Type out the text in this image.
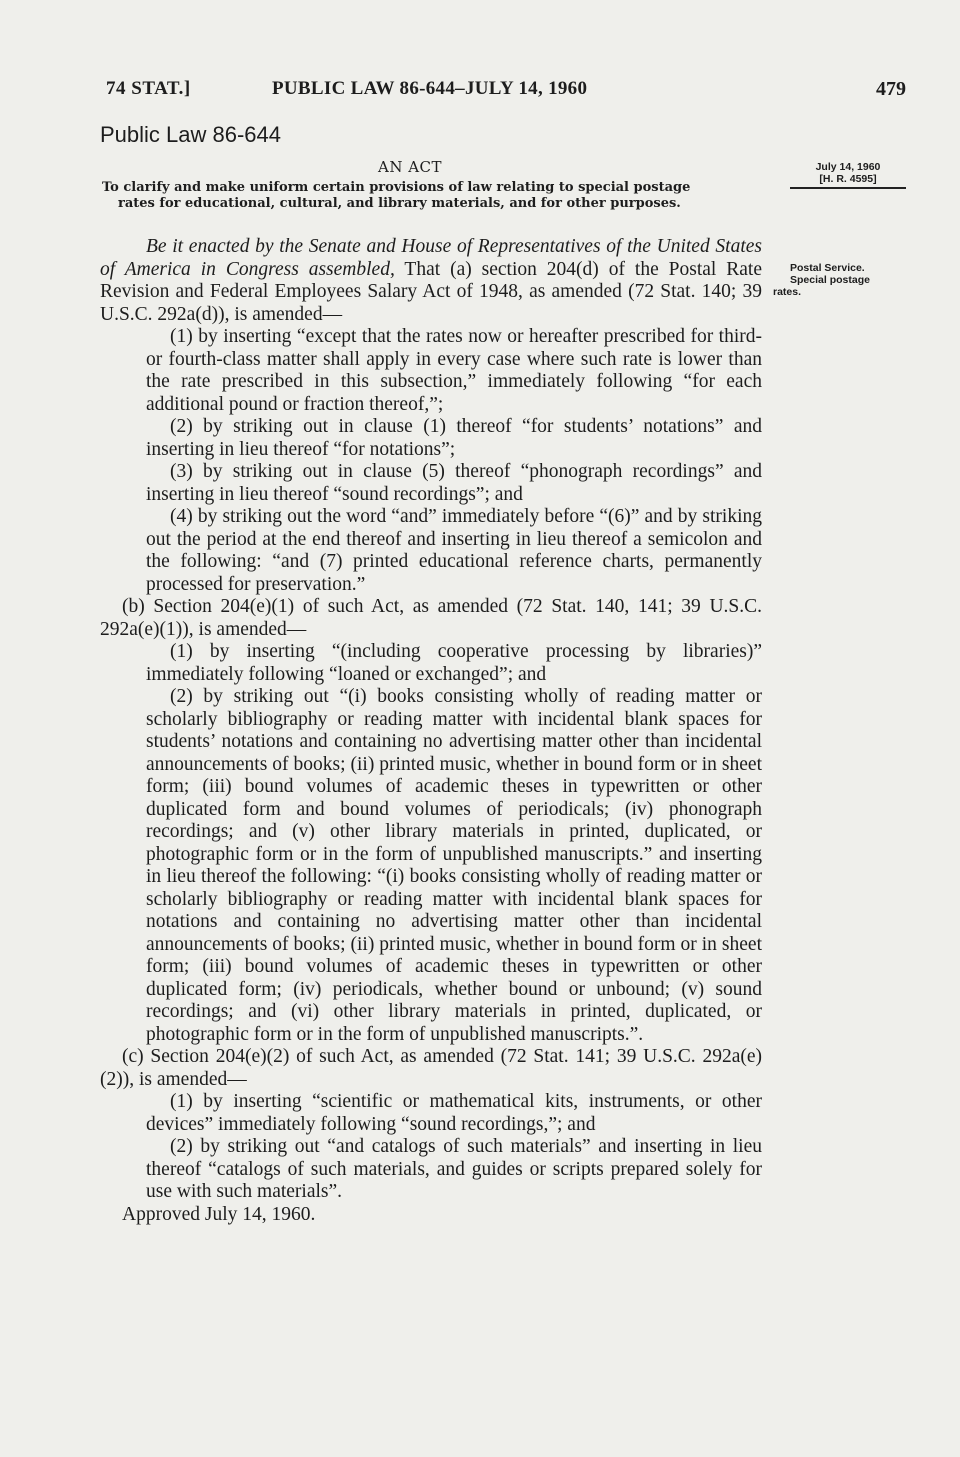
74 STAT.]	PUBLIC LAW 86-644–JULY 14, 1960	479
Public Law 86-644
AN ACT
To clarify and make uniform certain provisions of law relating to special postage
rates for educational, cultural, and library materials, and for other purposes.
July 14, 1960
[H. R. 4595]
Postal Service.
Special postage
rates.

Be it enacted by the Senate and House of Representatives of the United States of America in Congress assembled, That (a) section 204(d) of the Postal Rate Revision and Federal Employees Salary Act of 1948, as amended (72 Stat. 140; 39 U.S.C. 292a(d)), is amended—

(1) by inserting “except that the rates now or hereafter prescribed for third- or fourth-class matter shall apply in every case where such rate is lower than the rate prescribed in this subsection,” immediately following “for each additional pound or fraction thereof,”;

(2) by striking out in clause (1) thereof “for students’ notations” and inserting in lieu thereof “for notations”;

(3) by striking out in clause (5) thereof “phonograph recordings” and inserting in lieu thereof “sound recordings”; and

(4) by striking out the word “and” immediately before “(6)” and by striking out the period at the end thereof and inserting in lieu thereof a semicolon and the following: “and (7) printed educational reference charts, permanently processed for preservation.”

(b) Section 204(e)(1) of such Act, as amended (72 Stat. 140, 141; 39 U.S.C. 292a(e)(1)), is amended—

(1) by inserting “(including cooperative processing by libraries)” immediately following “loaned or exchanged”; and

(2) by striking out “(i) books consisting wholly of reading matter or scholarly bibliography or reading matter with incidental blank spaces for students’ notations and containing no advertising matter other than incidental announcements of books; (ii) printed music, whether in bound form or in sheet form; (iii) bound volumes of academic theses in typewritten or other duplicated form and bound volumes of periodicals; (iv) phonograph recordings; and (v) other library materials in printed, duplicated, or photographic form or in the form of unpublished manuscripts.” and inserting in lieu thereof the following: “(i) books consisting wholly of reading matter or scholarly bibliography or reading matter with incidental blank spaces for notations and containing no advertising matter other than incidental announcements of books; (ii) printed music, whether in bound form or in sheet form; (iii) bound volumes of academic theses in typewritten or other duplicated form; (iv) periodicals, whether bound or unbound; (v) sound recordings; and (vi) other library materials in printed, duplicated, or photographic form or in the form of unpublished manuscripts.”.

(c) Section 204(e)(2) of such Act, as amended (72 Stat. 141; 39 U.S.C. 292a(e)(2)), is amended—

(1) by inserting “scientific or mathematical kits, instruments, or other devices” immediately following “sound recordings,”; and

(2) by striking out “and catalogs of such materials” and inserting in lieu thereof “catalogs of such materials, and guides or scripts prepared solely for use with such materials”.

Approved July 14, 1960.
